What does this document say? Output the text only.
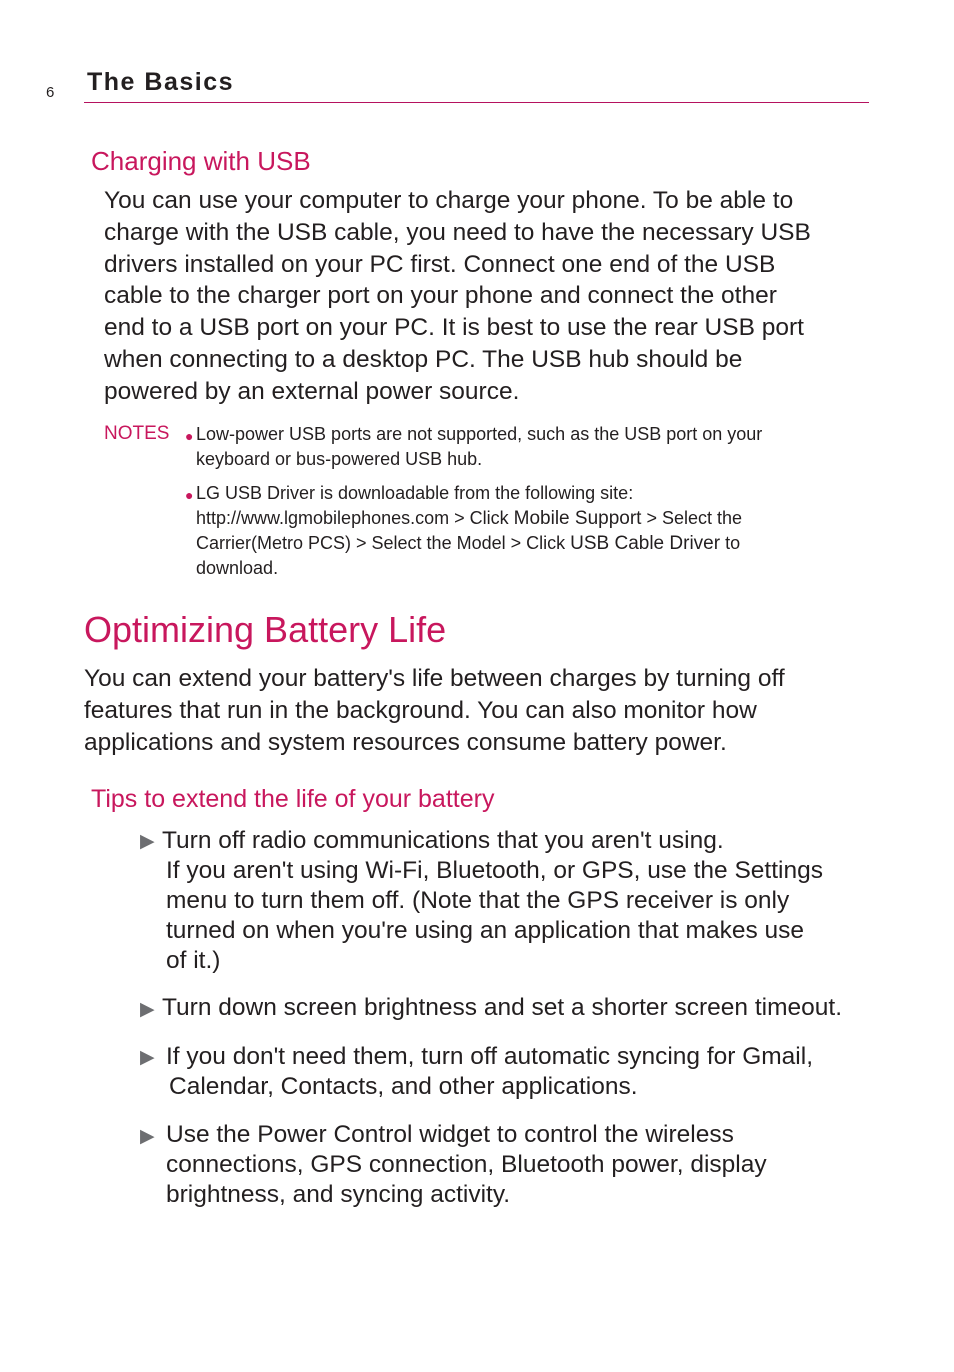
6 The Basics
Charging with USB
You can use your computer to charge your phone. To be able to
charge with the USB cable, you need to have the necessary USB
drivers installed on your PC first. Connect one end of the USB
cable to the charger port on your phone and connect the other
end to a USB port on your PC. It is best to use the rear USB port
when connecting to a desktop PC. The USB hub should be
powered by an external power source.
NOTES ● Low-power USB ports are not supported, such as the USB port on your
keyboard or bus-powered USB hub.
● LG USB Driver is downloadable from the following site:
http://www.lgmobilephones.com > Click Mobile Support > Select the
Carrier(Metro PCS) > Select the Model > Click USB Cable Driver to
download.
Optimizing Battery Life
You can extend your battery's life between charges by turning off
features that run in the background. You can also monitor how
applications and system resources consume battery power.
Tips to extend the life of your battery
▶ Turn off radio communications that you aren't using.
If you aren't using Wi-Fi, Bluetooth, or GPS, use the Settings
menu to turn them off. (Note that the GPS receiver is only
turned on when you're using an application that makes use
of it.)
▶ Turn down screen brightness and set a shorter screen timeout.
▶ If you don't need them, turn off automatic syncing for Gmail,
Calendar, Contacts, and other applications.
▶ Use the Power Control widget to control the wireless
connections, GPS connection, Bluetooth power, display
brightness, and syncing activity.
